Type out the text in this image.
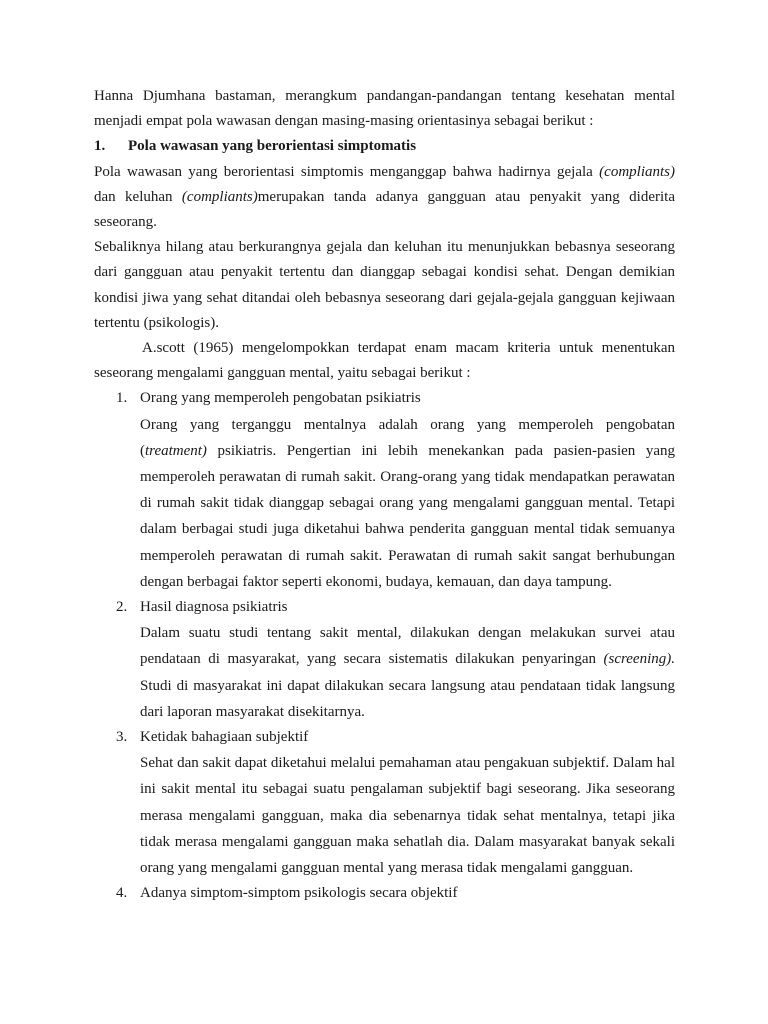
Hanna Djumhana bastaman, merangkum pandangan-pandangan tentang kesehatan mental menjadi empat pola wawasan dengan masing-masing orientasinya sebagai berikut :

1.	Pola wawasan yang berorientasi simptomatis

Pola wawasan yang berorientasi simptomis menganggap bahwa hadirnya gejala (compliants) dan keluhan (compliants)merupakan tanda adanya gangguan atau penyakit yang diderita seseorang.

Sebaliknya hilang atau berkurangnya gejala dan keluhan itu menunjukkan bebasnya seseorang dari gangguan atau penyakit tertentu dan dianggap sebagai kondisi sehat. Dengan demikian kondisi jiwa yang sehat ditandai oleh bebasnya seseorang dari gejala-gejala gangguan kejiwaan tertentu (psikologis).

A.scott (1965) mengelompokkan terdapat enam macam kriteria untuk menentukan seseorang mengalami gangguan mental, yaitu sebagai berikut :

1. Orang yang memperoleh pengobatan psikiatris

Orang yang terganggu mentalnya adalah orang yang memperoleh pengobatan (treatment) psikiatris. Pengertian ini lebih menekankan pada pasien-pasien yang memperoleh perawatan di rumah sakit. Orang-orang yang tidak mendapatkan perawatan di rumah sakit tidak dianggap sebagai orang yang mengalami gangguan mental. Tetapi dalam berbagai studi juga diketahui bahwa penderita gangguan mental tidak semuanya memperoleh perawatan di rumah sakit. Perawatan di rumah sakit sangat berhubungan dengan berbagai faktor seperti ekonomi, budaya, kemauan, dan daya tampung.

2. Hasil diagnosa psikiatris

Dalam suatu studi tentang sakit mental, dilakukan dengan melakukan survei atau pendataan di masyarakat, yang secara sistematis dilakukan penyaringan (screening). Studi di masyarakat ini dapat dilakukan secara langsung atau pendataan tidak langsung dari laporan masyarakat disekitarnya.

3. Ketidak bahagiaan subjektif

Sehat dan sakit dapat diketahui melalui pemahaman atau pengakuan subjektif. Dalam hal ini sakit mental itu sebagai suatu pengalaman subjektif bagi seseorang. Jika seseorang merasa mengalami gangguan, maka dia sebenarnya tidak sehat mentalnya, tetapi jika tidak merasa mengalami gangguan maka sehatlah dia. Dalam masyarakat banyak sekali orang yang mengalami gangguan mental yang merasa tidak mengalami gangguan.

4. Adanya simptom-simptom psikologis secara objektif
